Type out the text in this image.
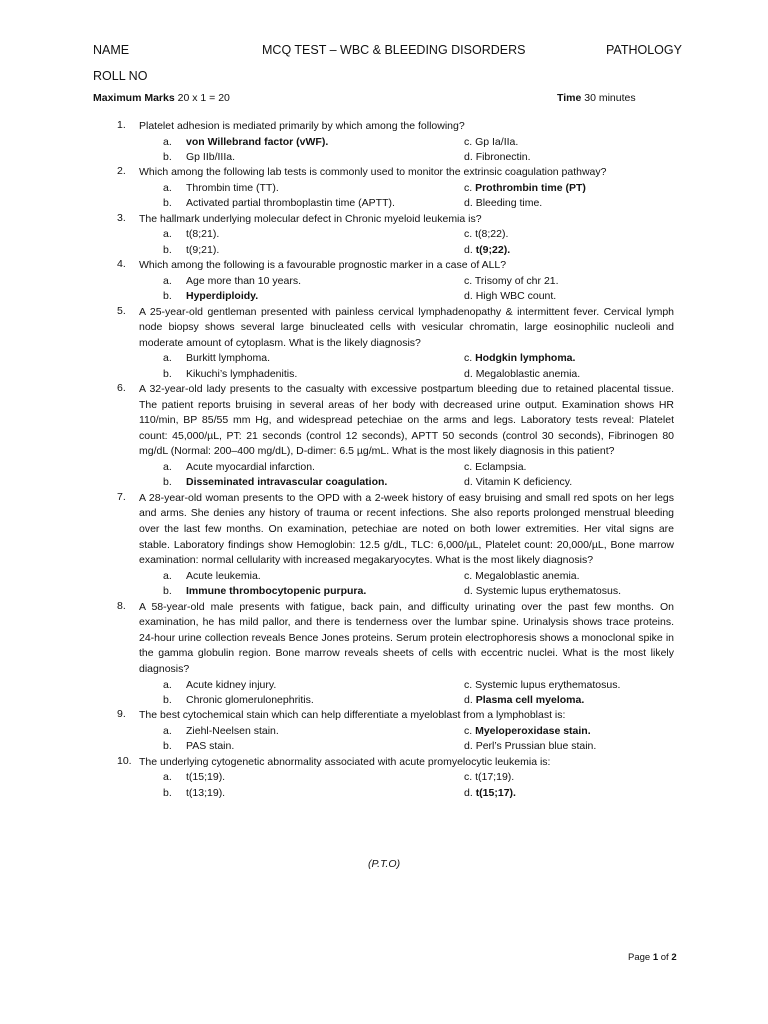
NAME	MCQ TEST – WBC & BLEEDING DISORDERS	PATHOLOGY
ROLL NO
Maximum Marks 20 x 1 = 20	Time 30 minutes
1.	Platelet adhesion is mediated primarily by which among the following?
a. von Willebrand factor (vWF).	c. Gp Ia/IIa.
b. Gp IIb/IIIa.	d. Fibronectin.
2.	Which among the following lab tests is commonly used to monitor the extrinsic coagulation pathway?
a. Thrombin time (TT).	c. Prothrombin time (PT)
b. Activated partial thromboplastin time (APTT).	d. Bleeding time.
3.	The hallmark underlying molecular defect in Chronic myeloid leukemia is?
a. t(8;21).	c. t(8;22).
b. t(9;21).	d. t(9;22).
4.	Which among the following is a favourable prognostic marker in a case of ALL?
a. Age more than 10 years.	c. Trisomy of chr 21.
b. Hyperdiploidy.	d. High WBC count.
5.	A 25-year-old gentleman presented with painless cervical lymphadenopathy & intermittent fever. Cervical lymph node biopsy shows several large binucleated cells with vesicular chromatin, large eosinophilic nucleoli and moderate amount of cytoplasm. What is the likely diagnosis?
a. Burkitt lymphoma.	c. Hodgkin lymphoma.
b. Kikuchi’s lymphadenitis.	d. Megaloblastic anemia.
6.	A 32-year-old lady presents to the casualty with excessive postpartum bleeding due to retained placental tissue. The patient reports bruising in several areas of her body with decreased urine output. Examination shows HR 110/min, BP 85/55 mm Hg, and widespread petechiae on the arms and legs. Laboratory tests reveal: Platelet count: 45,000/µL, PT: 21 seconds (control 12 seconds), APTT 50 seconds (control 30 seconds), Fibrinogen 80 mg/dL (Normal: 200–400 mg/dL), D-dimer: 6.5 µg/mL. What is the most likely diagnosis in this patient?
a. Acute myocardial infarction.	c. Eclampsia.
b. Disseminated intravascular coagulation.	d. Vitamin K deficiency.
7.	A 28-year-old woman presents to the OPD with a 2-week history of easy bruising and small red spots on her legs and arms. She denies any history of trauma or recent infections. She also reports prolonged menstrual bleeding over the last few months. On examination, petechiae are noted on both lower extremities. Her vital signs are stable. Laboratory findings show Hemoglobin: 12.5 g/dL, TLC: 6,000/µL, Platelet count: 20,000/µL, Bone marrow examination: normal cellularity with increased megakaryocytes. What is the most likely diagnosis?
a. Acute leukemia.	c. Megaloblastic anemia.
b. Immune thrombocytopenic purpura.	d. Systemic lupus erythematosus.
8.	A 58-year-old male presents with fatigue, back pain, and difficulty urinating over the past few months. On examination, he has mild pallor, and there is tenderness over the lumbar spine. Urinalysis shows trace proteins. 24-hour urine collection reveals Bence Jones proteins. Serum protein electrophoresis shows a monoclonal spike in the gamma globulin region. Bone marrow reveals sheets of cells with eccentric nuclei. What is the most likely diagnosis?
a. Acute kidney injury.	c. Systemic lupus erythematosus.
b. Chronic glomerulonephritis.	d. Plasma cell myeloma.
9.	The best cytochemical stain which can help differentiate a myeloblast from a lymphoblast is:
a. Ziehl-Neelsen stain.	c. Myeloperoxidase stain.
b. PAS stain.	d. Perl’s Prussian blue stain.
10. The underlying cytogenetic abnormality associated with acute promyelocytic leukemia is:
a. t(15;19).	c. t(17;19).
b. t(13;19).	d. t(15;17).
(P.T.O)
Page 1 of 2
